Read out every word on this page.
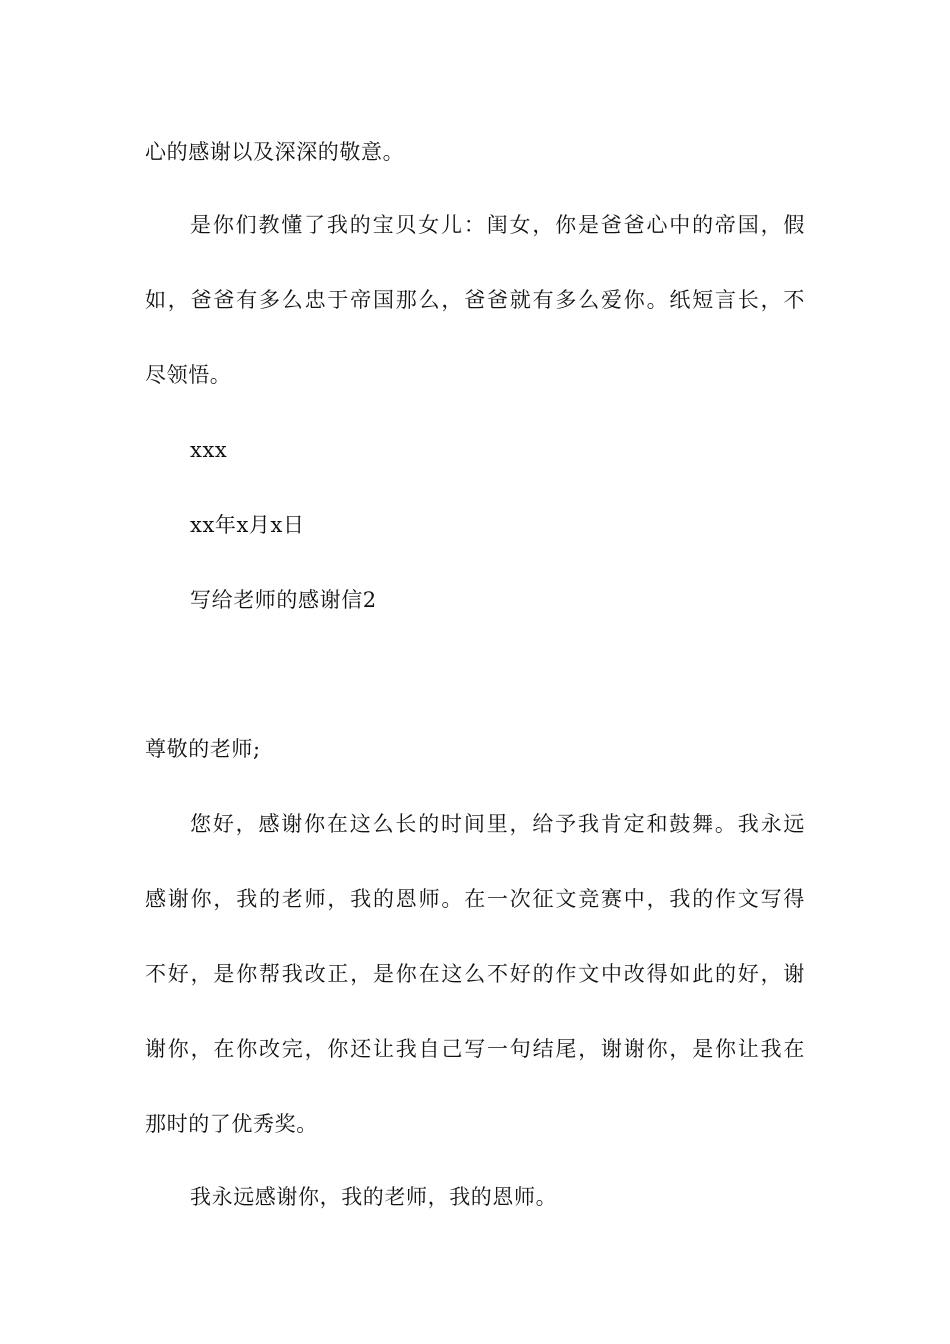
心的感谢以及深深的敬意。
是你们教懂了我的宝贝女儿：闺女，你是爸爸心中的帝国，假
如，爸爸有多么忠于帝国那么，爸爸就有多么爱你。纸短言长，不
尽领悟。
xxx
xx年x月x日
写给老师的感谢信2
尊敬的老师;
您好，感谢你在这么长的时间里，给予我肯定和鼓舞。我永远
感谢你，我的老师，我的恩师。在一次征文竞赛中，我的作文写得
不好，是你帮我改正，是你在这么不好的作文中改得如此的好，谢
谢你，在你改完，你还让我自己写一句结尾，谢谢你，是你让我在
那时的了优秀奖。
我永远感谢你，我的老师，我的恩师。
